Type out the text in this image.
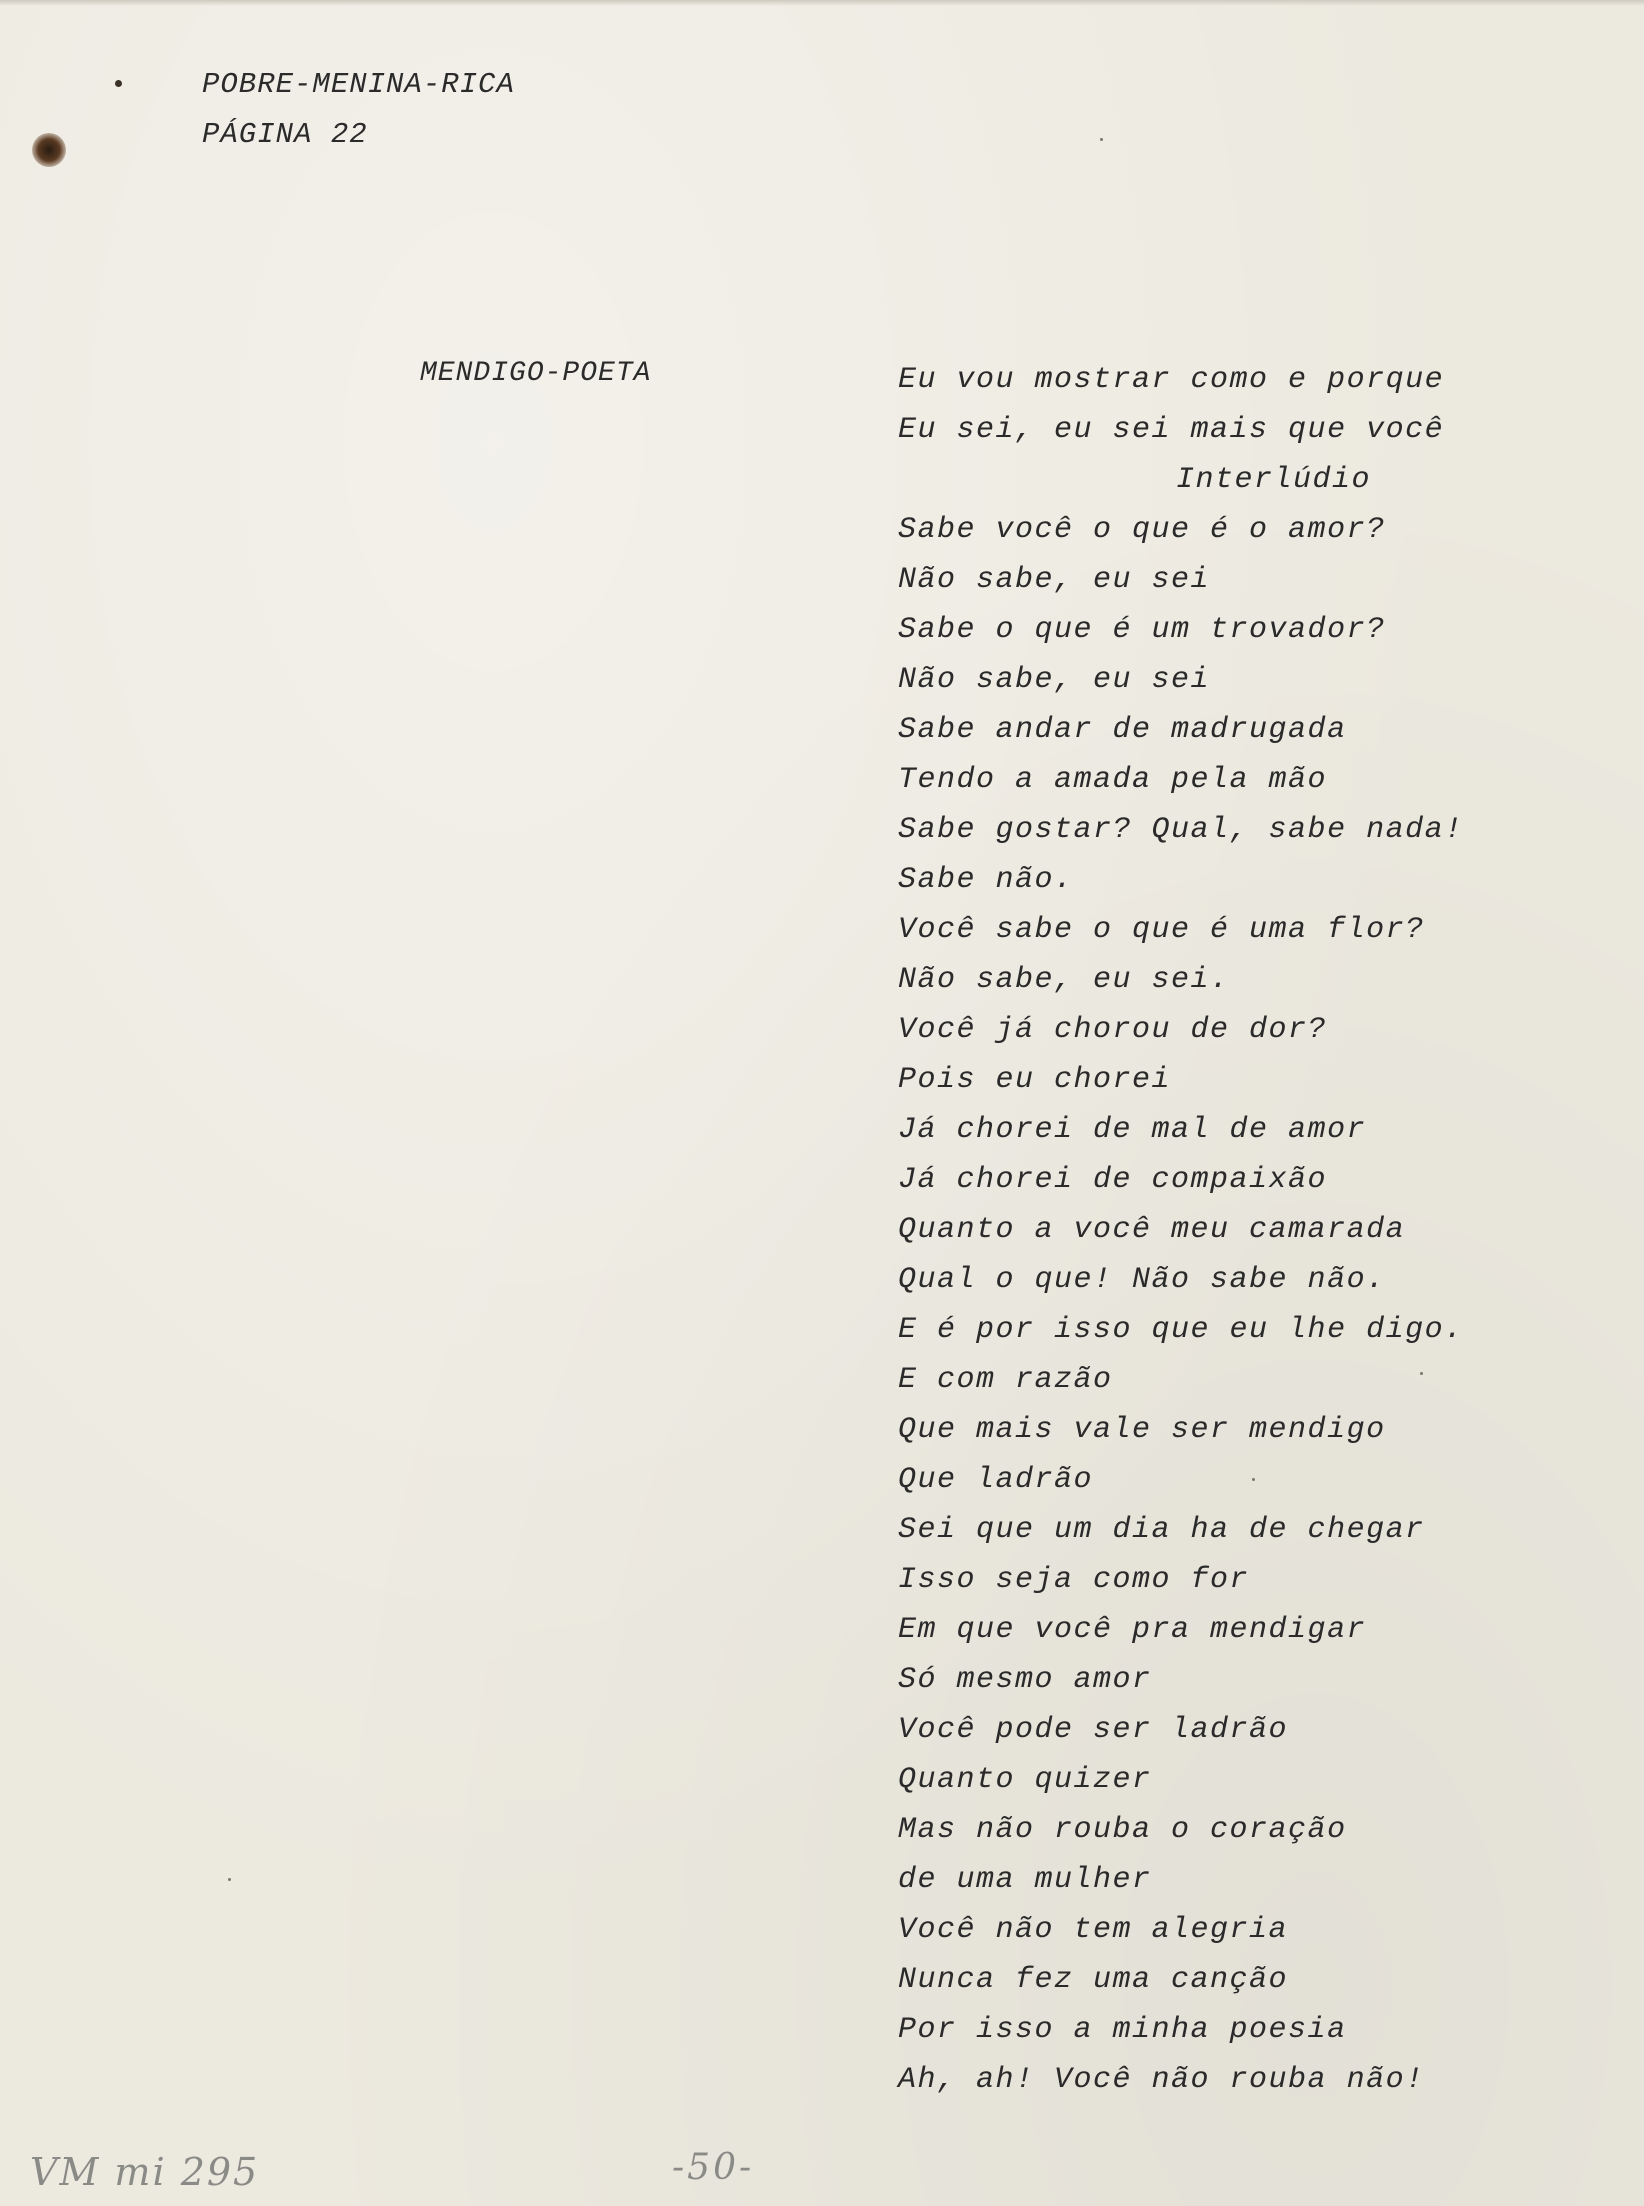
POBRE-MENINA-RICA
PÁGINA 22
MENDIGO-POETA	Eu vou mostrar como e porque
Eu sei, eu sei mais que você
Interlúdio
Sabe você o que é o amor?
Não sabe, eu sei
Sabe o que é um trovador?
Não sabe, eu sei
Sabe andar de madrugada
Tendo a amada pela mão
Sabe gostar? Qual, sabe nada!
Sabe não.
Você sabe o que é uma flor?
Não sabe, eu sei.
Você já chorou de dor?
Pois eu chorei
Já chorei de mal de amor
Já chorei de compaixão
Quanto a você meu camarada
Qual o que! Não sabe não.
E é por isso que eu lhe digo.
E com razão
Que mais vale ser mendigo
Que ladrão
Sei que um dia ha de chegar
Isso seja como for
Em que você pra mendigar
Só mesmo amor
Você pode ser ladrão
Quanto quizer
Mas não rouba o coração
de uma mulher
Você não tem alegria
Nunca fez uma canção
Por isso a minha poesia
Ah, ah! Você não rouba não!
VM mi 295	-50-
